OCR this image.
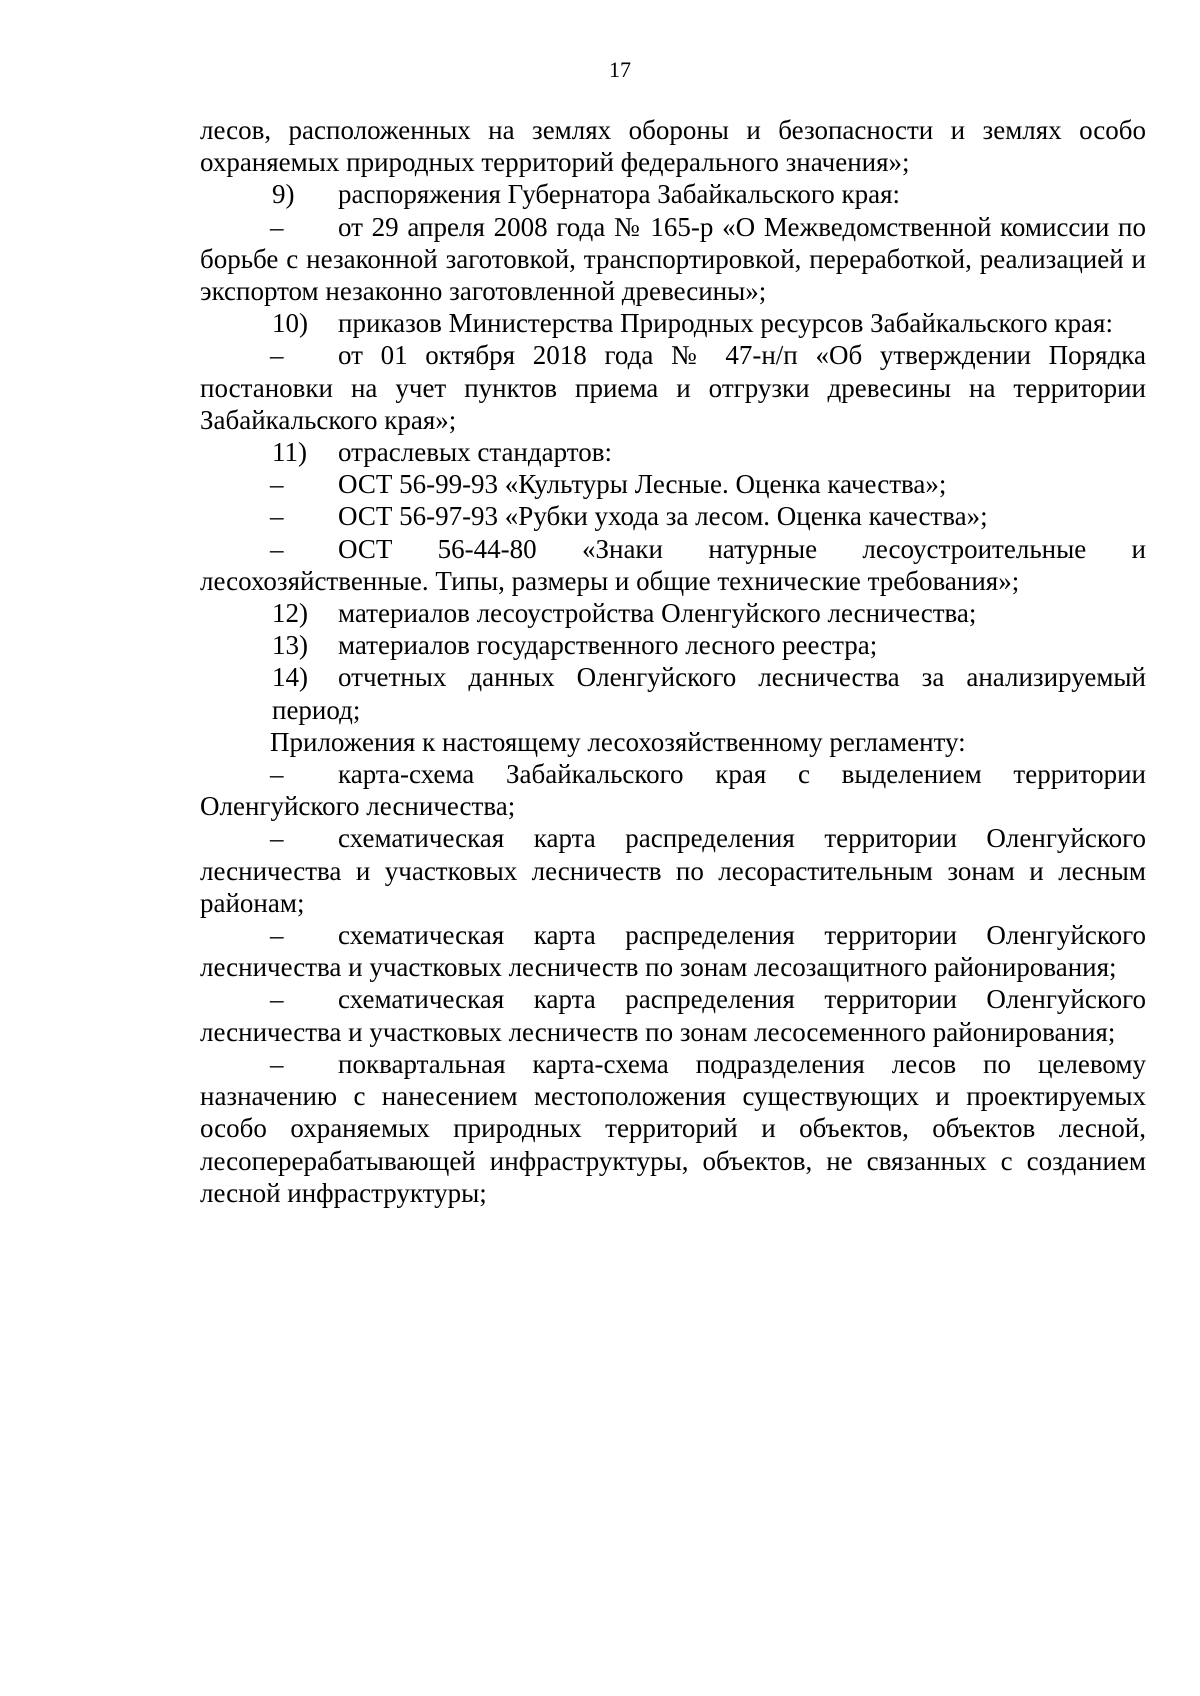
17

лесов, расположенных на землях обороны и безопасности и землях особо охраняемых природных территорий федерального значения»;

9) распоряжения Губернатора Забайкальского края:

– от 29 апреля 2008 года № 165-р «О Межведомственной комиссии по борьбе с незаконной заготовкой, транспортировкой, переработкой, реализацией и экспортом незаконно заготовленной древесины»;

10) приказов Министерства Природных ресурсов Забайкальского края:

– от 01 октября 2018 года № 47-н/п «Об утверждении Порядка постановки на учет пунктов приема и отгрузки древесины на территории Забайкальского края»;

11) отраслевых стандартов:

– ОСТ 56-99-93 «Культуры Лесные. Оценка качества»;

– ОСТ 56-97-93 «Рубки ухода за лесом. Оценка качества»;

– ОСТ 56-44-80 «Знаки натурные лесоустроительные и лесохозяйственные. Типы, размеры и общие технические требования»;

12) материалов лесоустройства Оленгуйского лесничества;

13) материалов государственного лесного реестра;

14) отчетных данных Оленгуйского лесничества за анализируемый период;

Приложения к настоящему лесохозяйственному регламенту:

– карта-схема Забайкальского края с выделением территории Оленгуйского лесничества;

– схематическая карта распределения территории Оленгуйского лесничества и участковых лесничеств по лесорастительным зонам и лесным районам;

– схематическая карта распределения территории Оленгуйского лесничества и участковых лесничеств по зонам лесозащитного районирования;

– схематическая карта распределения территории Оленгуйского лесничества и участковых лесничеств по зонам лесосеменного районирования;

– поквартальная карта-схема подразделения лесов по целевому назначению с нанесением местоположения существующих и проектируемых особо охраняемых природных территорий и объектов, объектов лесной, лесоперерабатывающей инфраструктуры, объектов, не связанных с созданием лесной инфраструктуры;
